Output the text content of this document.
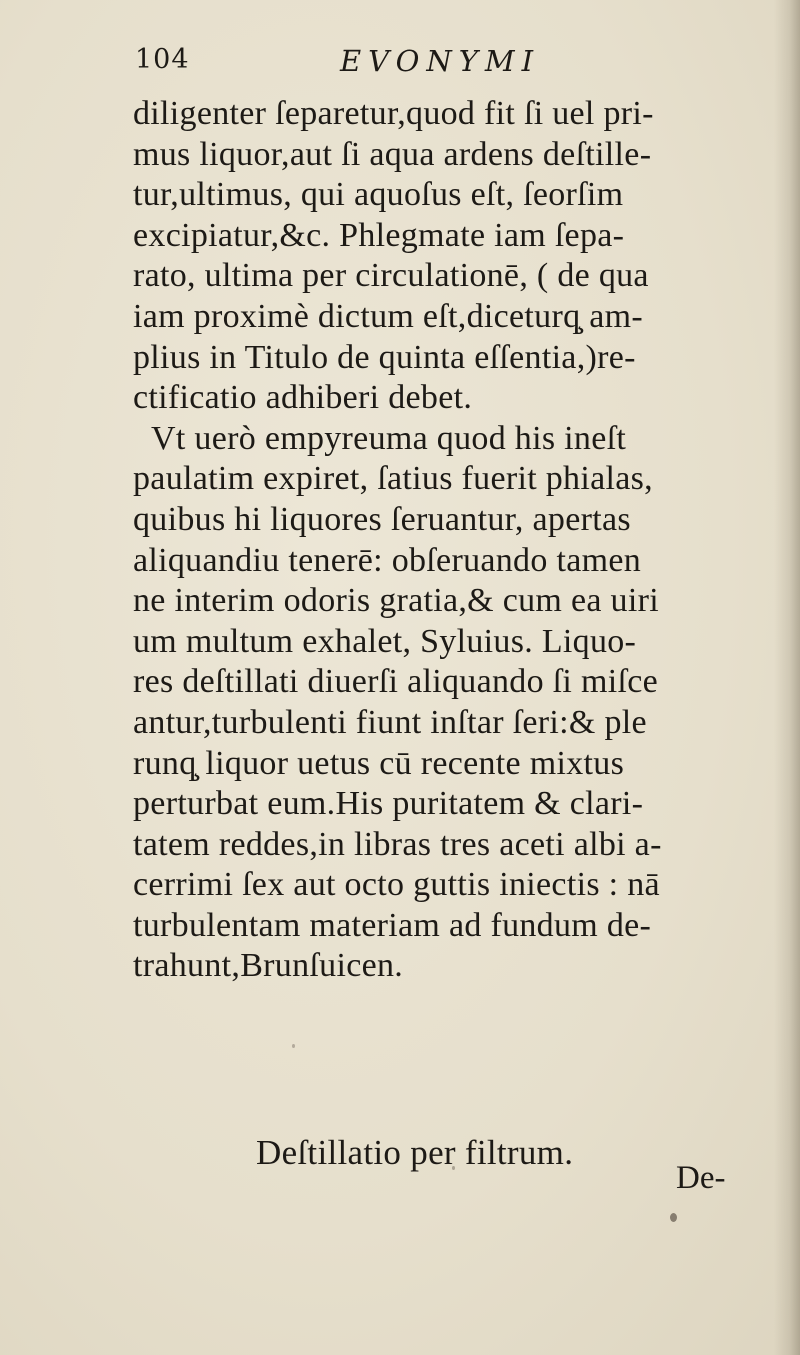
104	EVONYMI
diligenter ſeparetur,quod fit ſi uel pri-
mus liquor,aut ſi aqua ardens deſtille-
tur,ultimus, qui aquoſus eſt, ſeorſim
excipiatur,&c. Phlegmate iam ſepa-
rato, ultima per circulationē, ( de qua
iam proximè dictum eſt,diceturq̧ am-
plius in Titulo de quinta eſſentia,)re-
ctificatio adhiberi debet.
Vt uerò empyreuma quod his ineſt
paulatim expiret, ſatius fuerit phialas,
quibus hi liquores ſeruantur, apertas
aliquandiu tenerē: obſeruando tamen
ne interim odoris gratia,& cum ea uiri
um multum exhalet, Syluius. Liquo-
res deſtillati diuerſi aliquando ſi miſce
antur,turbulenti fiunt inſtar ſeri:& ple
runq̧ liquor uetus cū recente mixtus
perturbat eum.His puritatem & clari-
tatem reddes,in libras tres aceti albi a-
cerrimi ſex aut octo guttis iniectis : nā
turbulentam materiam ad fundum de-
trahunt,Brunſuicen.
Deſtillatio per filtrum.
De-
